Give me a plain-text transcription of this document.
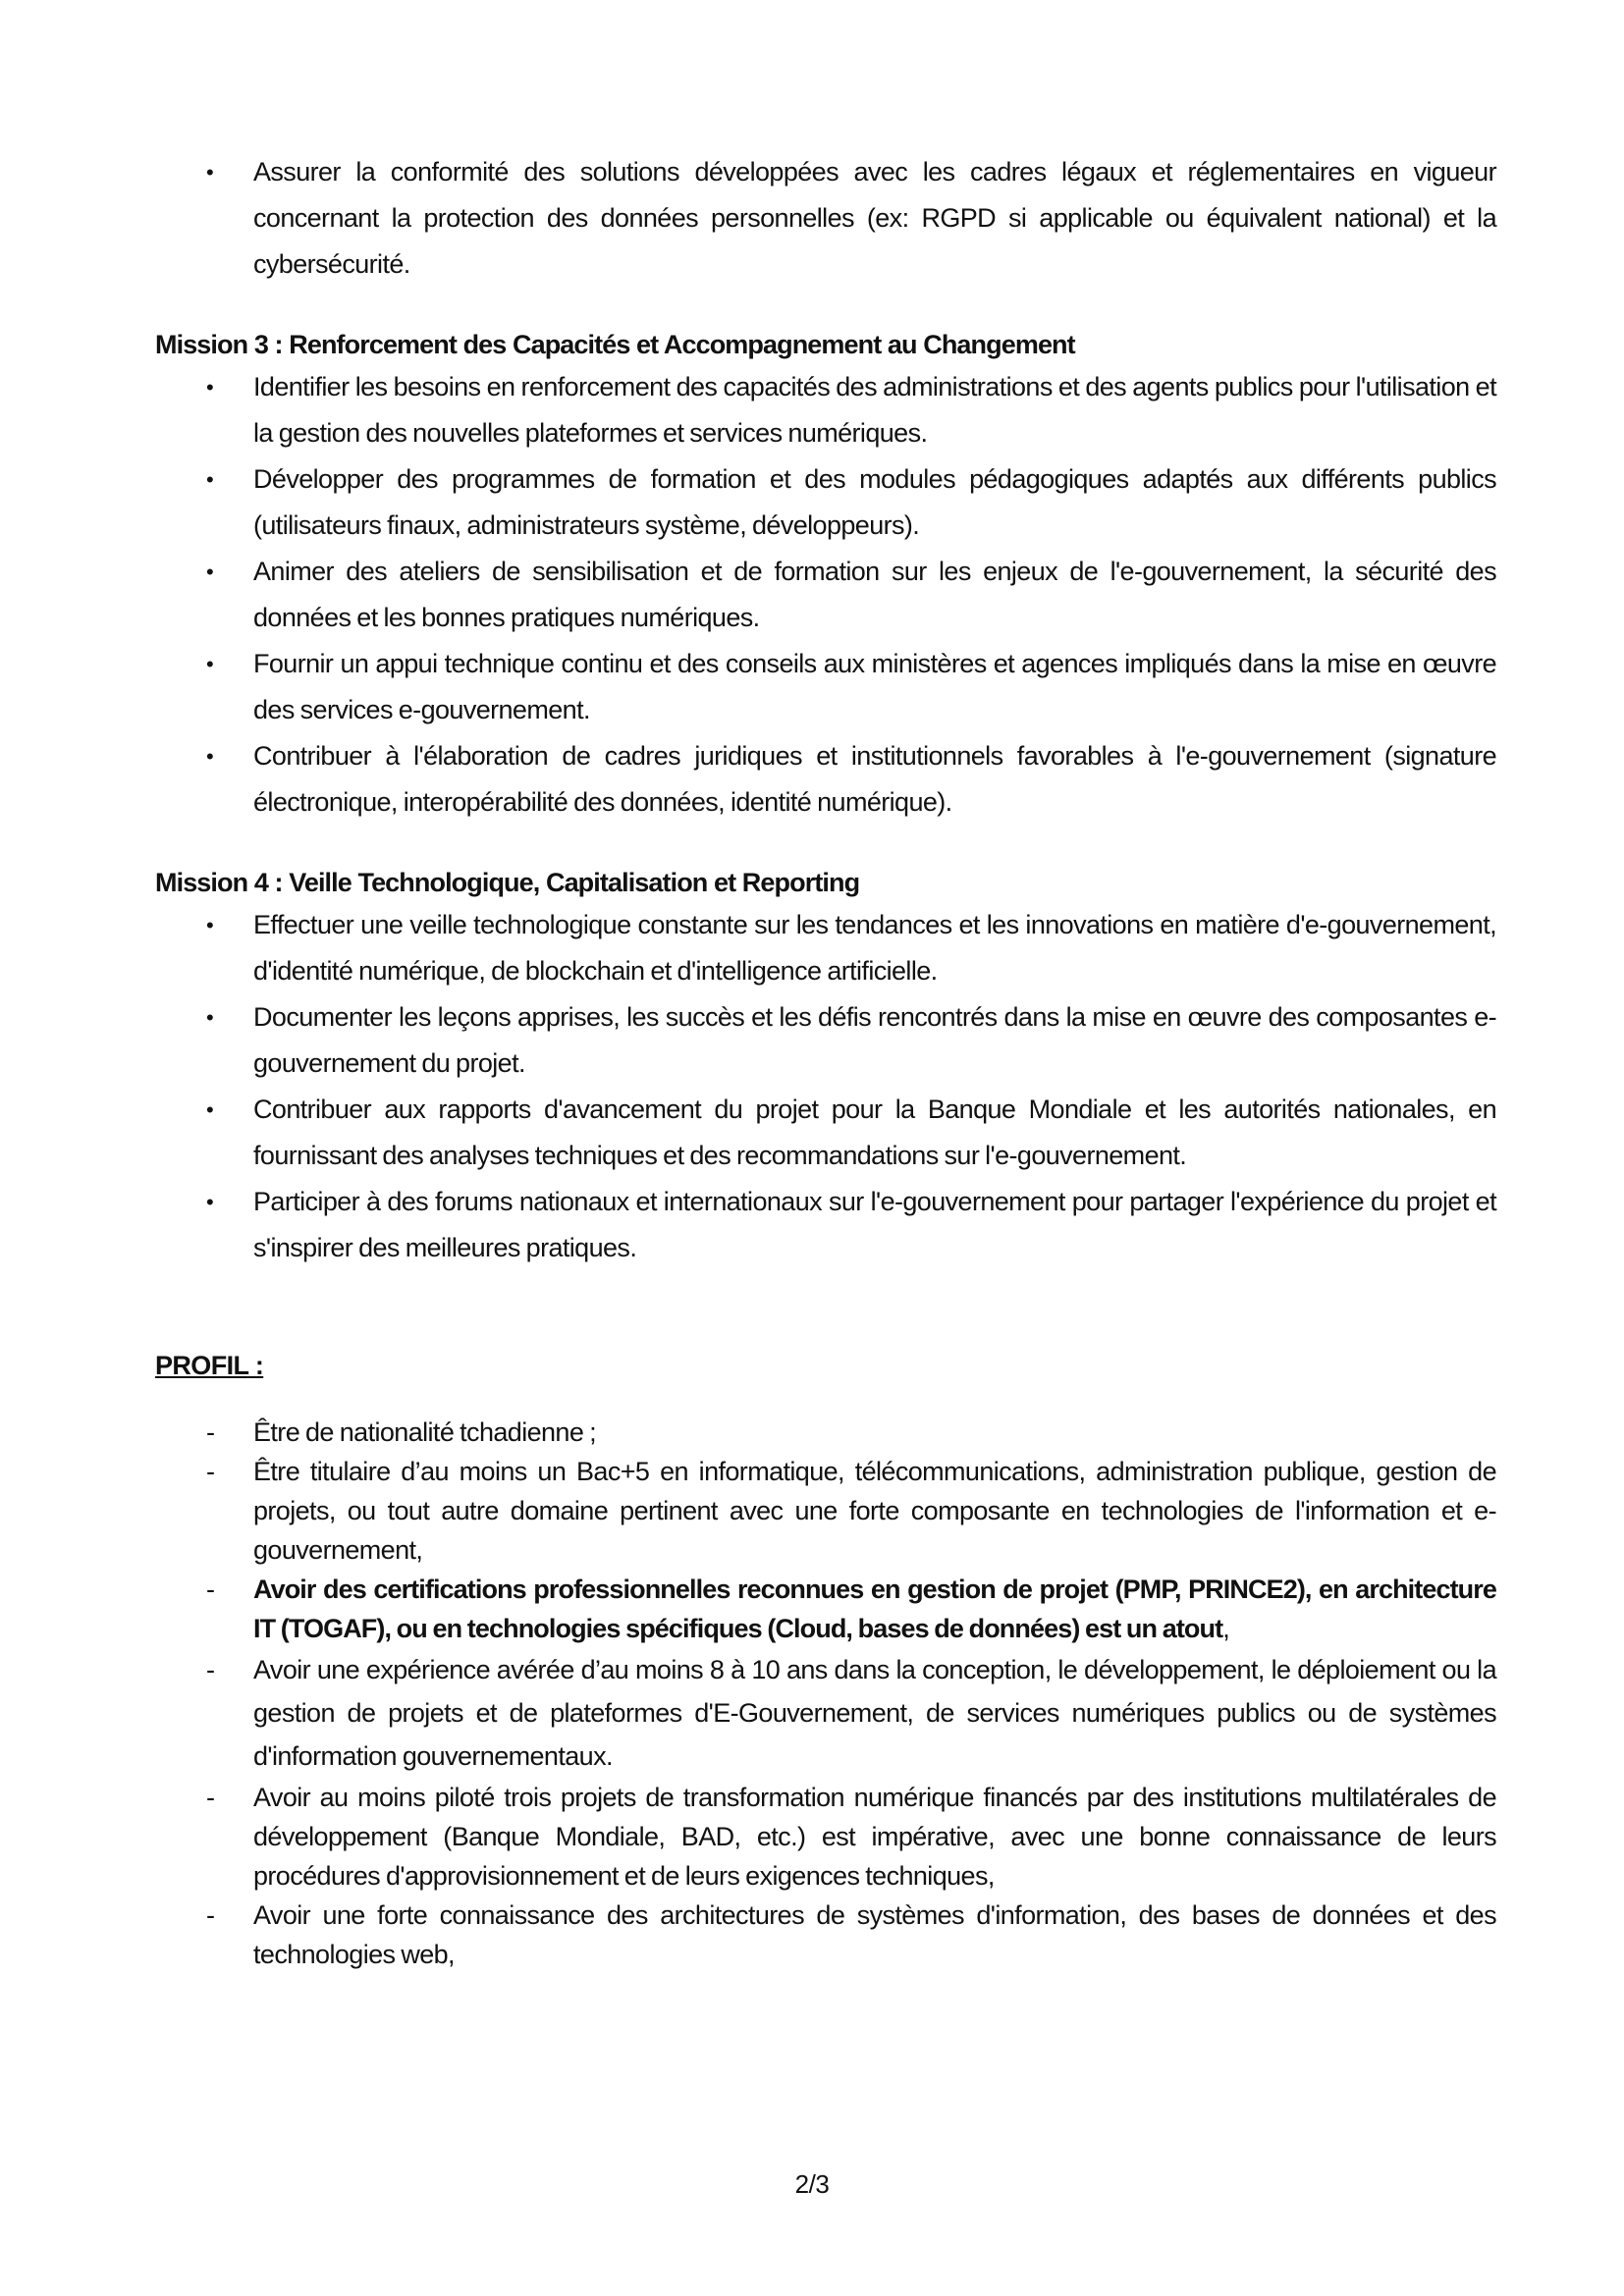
• Assurer la conformité des solutions développées avec les cadres légaux et réglementaires en vigueur concernant la protection des données personnelles (ex: RGPD si applicable ou équivalent national) et la cybersécurité.
Mission 3 : Renforcement des Capacités et Accompagnement au Changement
• Identifier les besoins en renforcement des capacités des administrations et des agents publics pour l'utilisation et la gestion des nouvelles plateformes et services numériques.
• Développer des programmes de formation et des modules pédagogiques adaptés aux différents publics (utilisateurs finaux, administrateurs système, développeurs).
• Animer des ateliers de sensibilisation et de formation sur les enjeux de l'e-gouvernement, la sécurité des données et les bonnes pratiques numériques.
• Fournir un appui technique continu et des conseils aux ministères et agences impliqués dans la mise en œuvre des services e-gouvernement.
• Contribuer à l'élaboration de cadres juridiques et institutionnels favorables à l'e-gouvernement (signature électronique, interopérabilité des données, identité numérique).
Mission 4 : Veille Technologique, Capitalisation et Reporting
• Effectuer une veille technologique constante sur les tendances et les innovations en matière d'e-gouvernement, d'identité numérique, de blockchain et d'intelligence artificielle.
• Documenter les leçons apprises, les succès et les défis rencontrés dans la mise en œuvre des composantes e-gouvernement du projet.
• Contribuer aux rapports d'avancement du projet pour la Banque Mondiale et les autorités nationales, en fournissant des analyses techniques et des recommandations sur l'e-gouvernement.
• Participer à des forums nationaux et internationaux sur l'e-gouvernement pour partager l'expérience du projet et s'inspirer des meilleures pratiques.
PROFIL :
- Être de nationalité tchadienne ;
- Être titulaire d’au moins un Bac+5 en informatique, télécommunications, administration publique, gestion de projets, ou tout autre domaine pertinent avec une forte composante en technologies de l'information et e-gouvernement,
- Avoir des certifications professionnelles reconnues en gestion de projet (PMP, PRINCE2), en architecture IT (TOGAF), ou en technologies spécifiques (Cloud, bases de données) est un atout,
- Avoir une expérience avérée d’au moins 8 à 10 ans dans la conception, le développement, le déploiement ou la gestion de projets et de plateformes d'E-Gouvernement, de services numériques publics ou de systèmes d'information gouvernementaux.
- Avoir au moins piloté trois projets de transformation numérique financés par des institutions multilatérales de développement (Banque Mondiale, BAD, etc.) est impérative, avec une bonne connaissance de leurs procédures d'approvisionnement et de leurs exigences techniques,
- Avoir une forte connaissance des architectures de systèmes d'information, des bases de données et des technologies web,
2/3
